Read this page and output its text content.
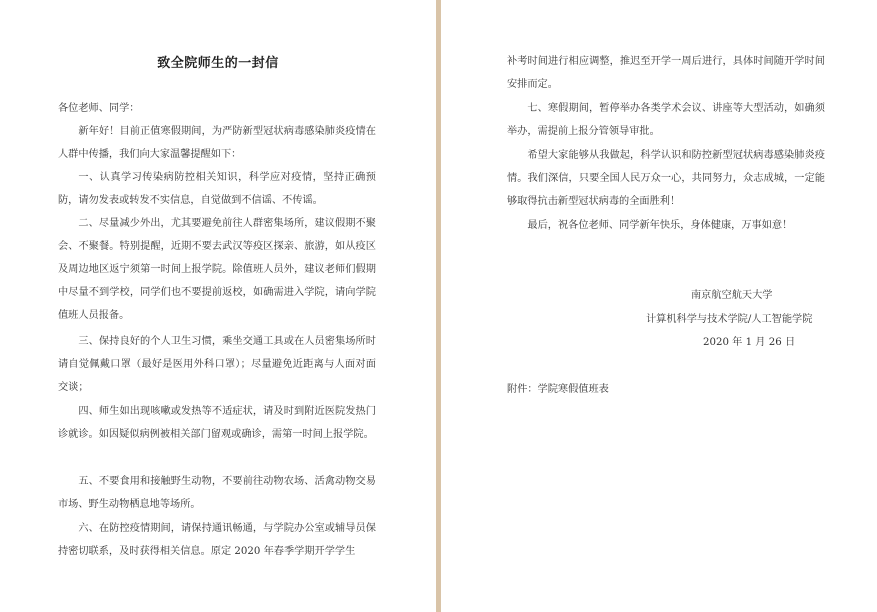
致全院师生的一封信

各位老师、同学：

新年好！目前正值寒假期间，为严防新型冠状病毒感染肺炎疫情在人群中传播，我们向大家温馨提醒如下：

一、认真学习传染病防控相关知识，科学应对疫情，坚持正确预防，请勿发表或转发不实信息，自觉做到不信谣、不传谣。

二、尽量减少外出，尤其要避免前往人群密集场所，建议假期不聚会、不聚餐。特别提醒，近期不要去武汉等疫区探亲、旅游，如从疫区及周边地区返宁须第一时间上报学院。除值班人员外，建议老师们假期中尽量不到学校，同学们也不要提前返校，如确需进入学院，请向学院值班人员报备。

三、保持良好的个人卫生习惯，乘坐交通工具或在人员密集场所时请自觉佩戴口罩（最好是医用外科口罩）；尽量避免近距离与人面对面交谈；

四、师生如出现咳嗽或发热等不适症状，请及时到附近医院发热门诊就诊。如因疑似病例被相关部门留观或确诊，需第一时间上报学院。

五、不要食用和接触野生动物，不要前往动物农场、活禽动物交易市场、野生动物栖息地等场所。

六、在防控疫情期间，请保持通讯畅通，与学院办公室或辅导员保持密切联系，及时获得相关信息。原定 2020 年春季学期开学学生

补考时间进行相应调整，推迟至开学一周后进行，具体时间随开学时间安排而定。

七、寒假期间，暂停举办各类学术会议、讲座等大型活动，如确须举办，需提前上报分管领导审批。

希望大家能够从我做起，科学认识和防控新型冠状病毒感染肺炎疫情。我们深信，只要全国人民万众一心，共同努力，众志成城，一定能够取得抗击新型冠状病毒的全面胜利！

最后，祝各位老师、同学新年快乐，身体健康，万事如意！

南京航空航天大学
计算机科学与技术学院/人工智能学院
2020 年 1 月 26 日
附件：学院寒假值班表
